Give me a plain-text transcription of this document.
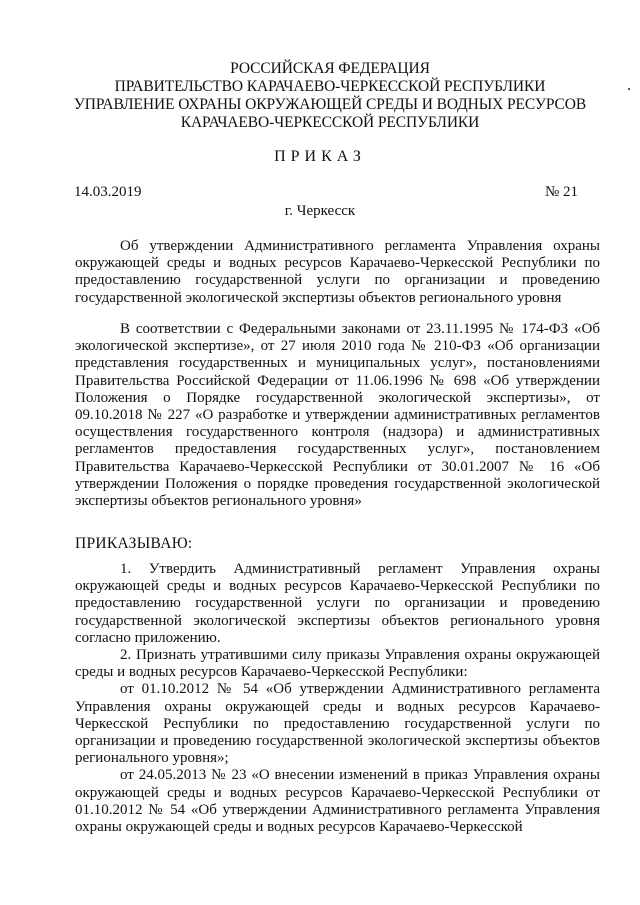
РОССИЙСКАЯ ФЕДЕРАЦИЯ
ПРАВИТЕЛЬСТВО КАРАЧАЕВО-ЧЕРКЕССКОЙ РЕСПУБЛИКИ
УПРАВЛЕНИЕ ОХРАНЫ ОКРУЖАЮЩЕЙ СРЕДЫ И ВОДНЫХ РЕСУРСОВ
КАРАЧАЕВО-ЧЕРКЕССКОЙ РЕСПУБЛИКИ
ПРИКАЗ
14.03.2019	№ 21
г. Черкесск

Об утверждении Административного регламента Управления охраны окружающей среды и водных ресурсов Карачаево-Черкесской Республики по предоставлению государственной услуги по организации и проведению государственной экологической экспертизы объектов регионального уровня

В соответствии с Федеральными законами от 23.11.1995 № 174-ФЗ «Об экологической экспертизе», от 27 июля 2010 года № 210-ФЗ «Об организации представления государственных и муниципальных услуг», постановлениями Правительства Российской Федерации от 11.06.1996 № 698 «Об утверждении Положения о Порядке государственной экологической экспертизы», от 09.10.2018 № 227 «О разработке и утверждении административных регламентов осуществления государственного контроля (надзора) и административных регламентов предоставления государственных услуг», постановлением Правительства Карачаево-Черкесской Республики от 30.01.2007 № 16 «Об утверждении Положения о порядке проведения государственной экологической экспертизы объектов регионального уровня»

ПРИКАЗЫВАЮ:

1. Утвердить Административный регламент Управления охраны окружающей среды и водных ресурсов Карачаево-Черкесской Республики по предоставлению государственной услуги по организации и проведению государственной экологической экспертизы объектов регионального уровня согласно приложению.

2. Признать утратившими силу приказы Управления охраны окружающей среды и водных ресурсов Карачаево-Черкесской Республики:

от 01.10.2012 № 54 «Об утверждении Административного регламента Управления охраны окружающей среды и водных ресурсов Карачаево-Черкесской Республики по предоставлению государственной услуги по организации и проведению государственной экологической экспертизы объектов регионального уровня»;

от 24.05.2013 № 23 «О внесении изменений в приказ Управления охраны окружающей среды и водных ресурсов Карачаево-Черкесской Республики от 01.10.2012 № 54 «Об утверждении Административного регламента Управления охраны окружающей среды и водных ресурсов Карачаево-Черкесской
